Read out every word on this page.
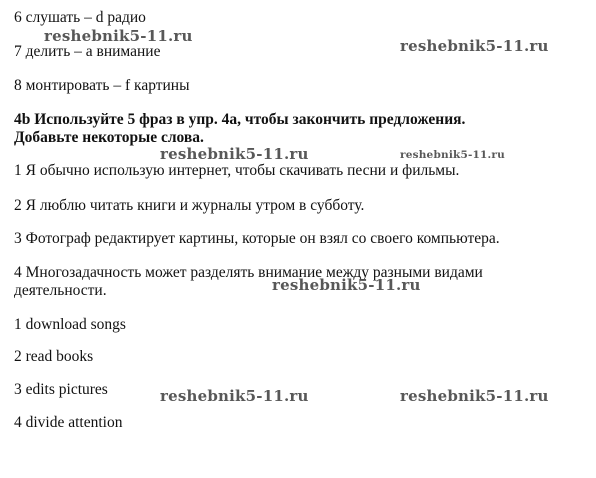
6 слушать – d радио

7 делить – a внимание

8 монтировать – f картины

4b Используйте 5 фраз в упр. 4a, чтобы закончить предложения.

Добавьте некоторые слова.

1 Я обычно использую интернет, чтобы скачивать песни и фильмы.

2 Я люблю читать книги и журналы утром в субботу.

3 Фотограф редактирует картины, которые он взял со своего компьютера.

4 Многозадачность может разделять внимание между разными видами

деятельности.

1 download songs

2 read books

3 edits pictures

4 divide attention

reshebnik5-11.ru
reshebnik5-11.ru
reshebnik5-11.ru	reshebnik5-11.ru
reshebnik5-11.ru
reshebnik5-11.ru	reshebnik5-11.ru
